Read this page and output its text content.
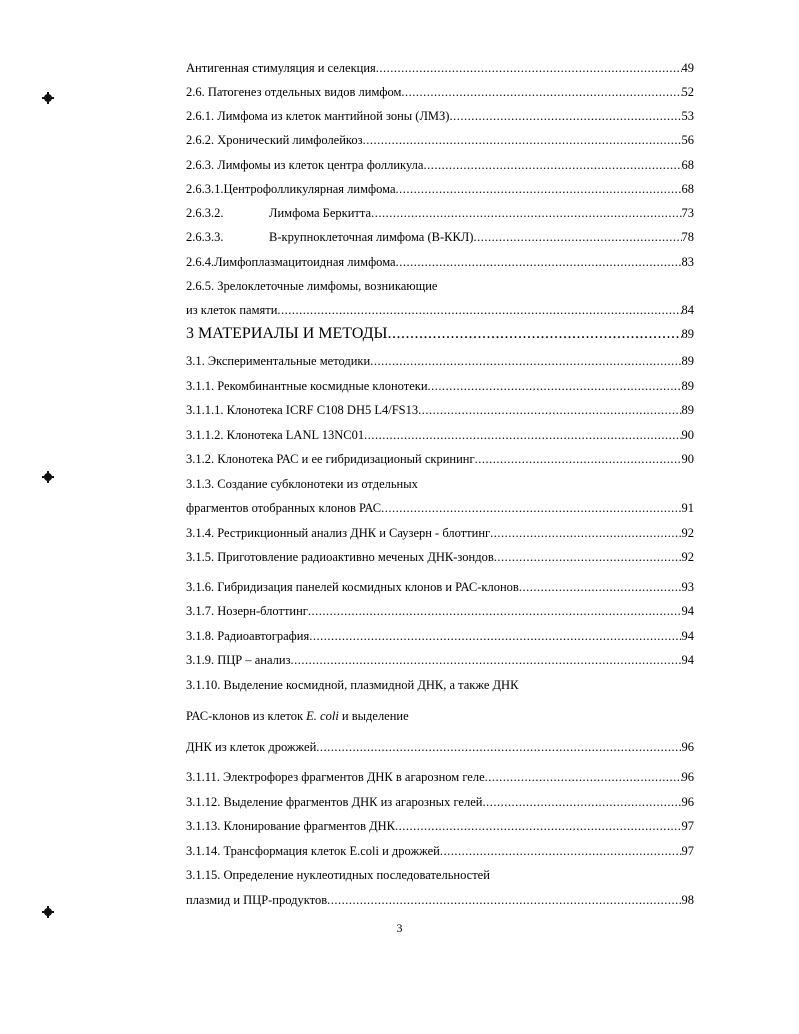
Антигенная стимуляция и селекция .....	49
2.6. Патогенез отдельных видов лимфом .....	52
2.6.1. Лимфома из клеток мантийной зоны (ЛМЗ) .....	53
2.6.2. Хронический лимфолейкоз .....	56
2.6.3. Лимфомы из клеток центра фолликула .....	68
2.6.3.1.Центрофолликулярная лимфома .....	68
2.6.3.2.	Лимфома Беркитта .....	73
2.6.3.3.	В-крупноклеточная лимфома (В-ККЛ) .....	78
2.6.4.Лимфоплазмацитоидная лимфома .....	83
2.6.5. Зрелоклеточные лимфомы, возникающие
из клеток памяти .....	84
3 МАТЕРИАЛЫ И МЕТОДЫ .....	89
3.1. Экспериментальные методики .....	89
3.1.1. Рекомбинантные космидные клонотеки .....	89
3.1.1.1. Клонотека ICRF C108 DH5 L4/FS13 .....	89
3.1.1.2. Клонотека LANL 13NC01 .....	90
3.1.2. Клонотека РАС и ее гибридизационый скрининг .....	90
3.1.3. Создание субклонотеки из отдельных
фрагментов отобранных клонов РАС .....	91
3.1.4. Рестрикционный анализ ДНК и Саузерн - блоттинг .....	92
3.1.5. Приготовление радиоактивно меченых ДНК-зондов .....	92
3.1.6. Гибридизация панелей космидных клонов и РАС-клонов .....	93
3.1.7. Нозерн-блоттинг .....	94
3.1.8. Радиоавтография .....	94
3.1.9. ПЦР – анализ .....	94
3.1.10. Выделение космидной, плазмидной ДНК, а также ДНК
РАС-клонов из клеток E. coli и выделение
ДНК из клеток дрожжей .....	96
3.1.11. Электрофорез фрагментов ДНК в агарозном геле .....	96
3.1.12. Выделение фрагментов ДНК из агарозных гелей .....	96
3.1.13. Клонирование фрагментов ДНК .....	97
3.1.14. Трансформация клеток E.coli и дрожжей .....	97
3.1.15. Определение нуклеотидных последовательностей
плазмид и ПЦР-продуктов .....	98
3
